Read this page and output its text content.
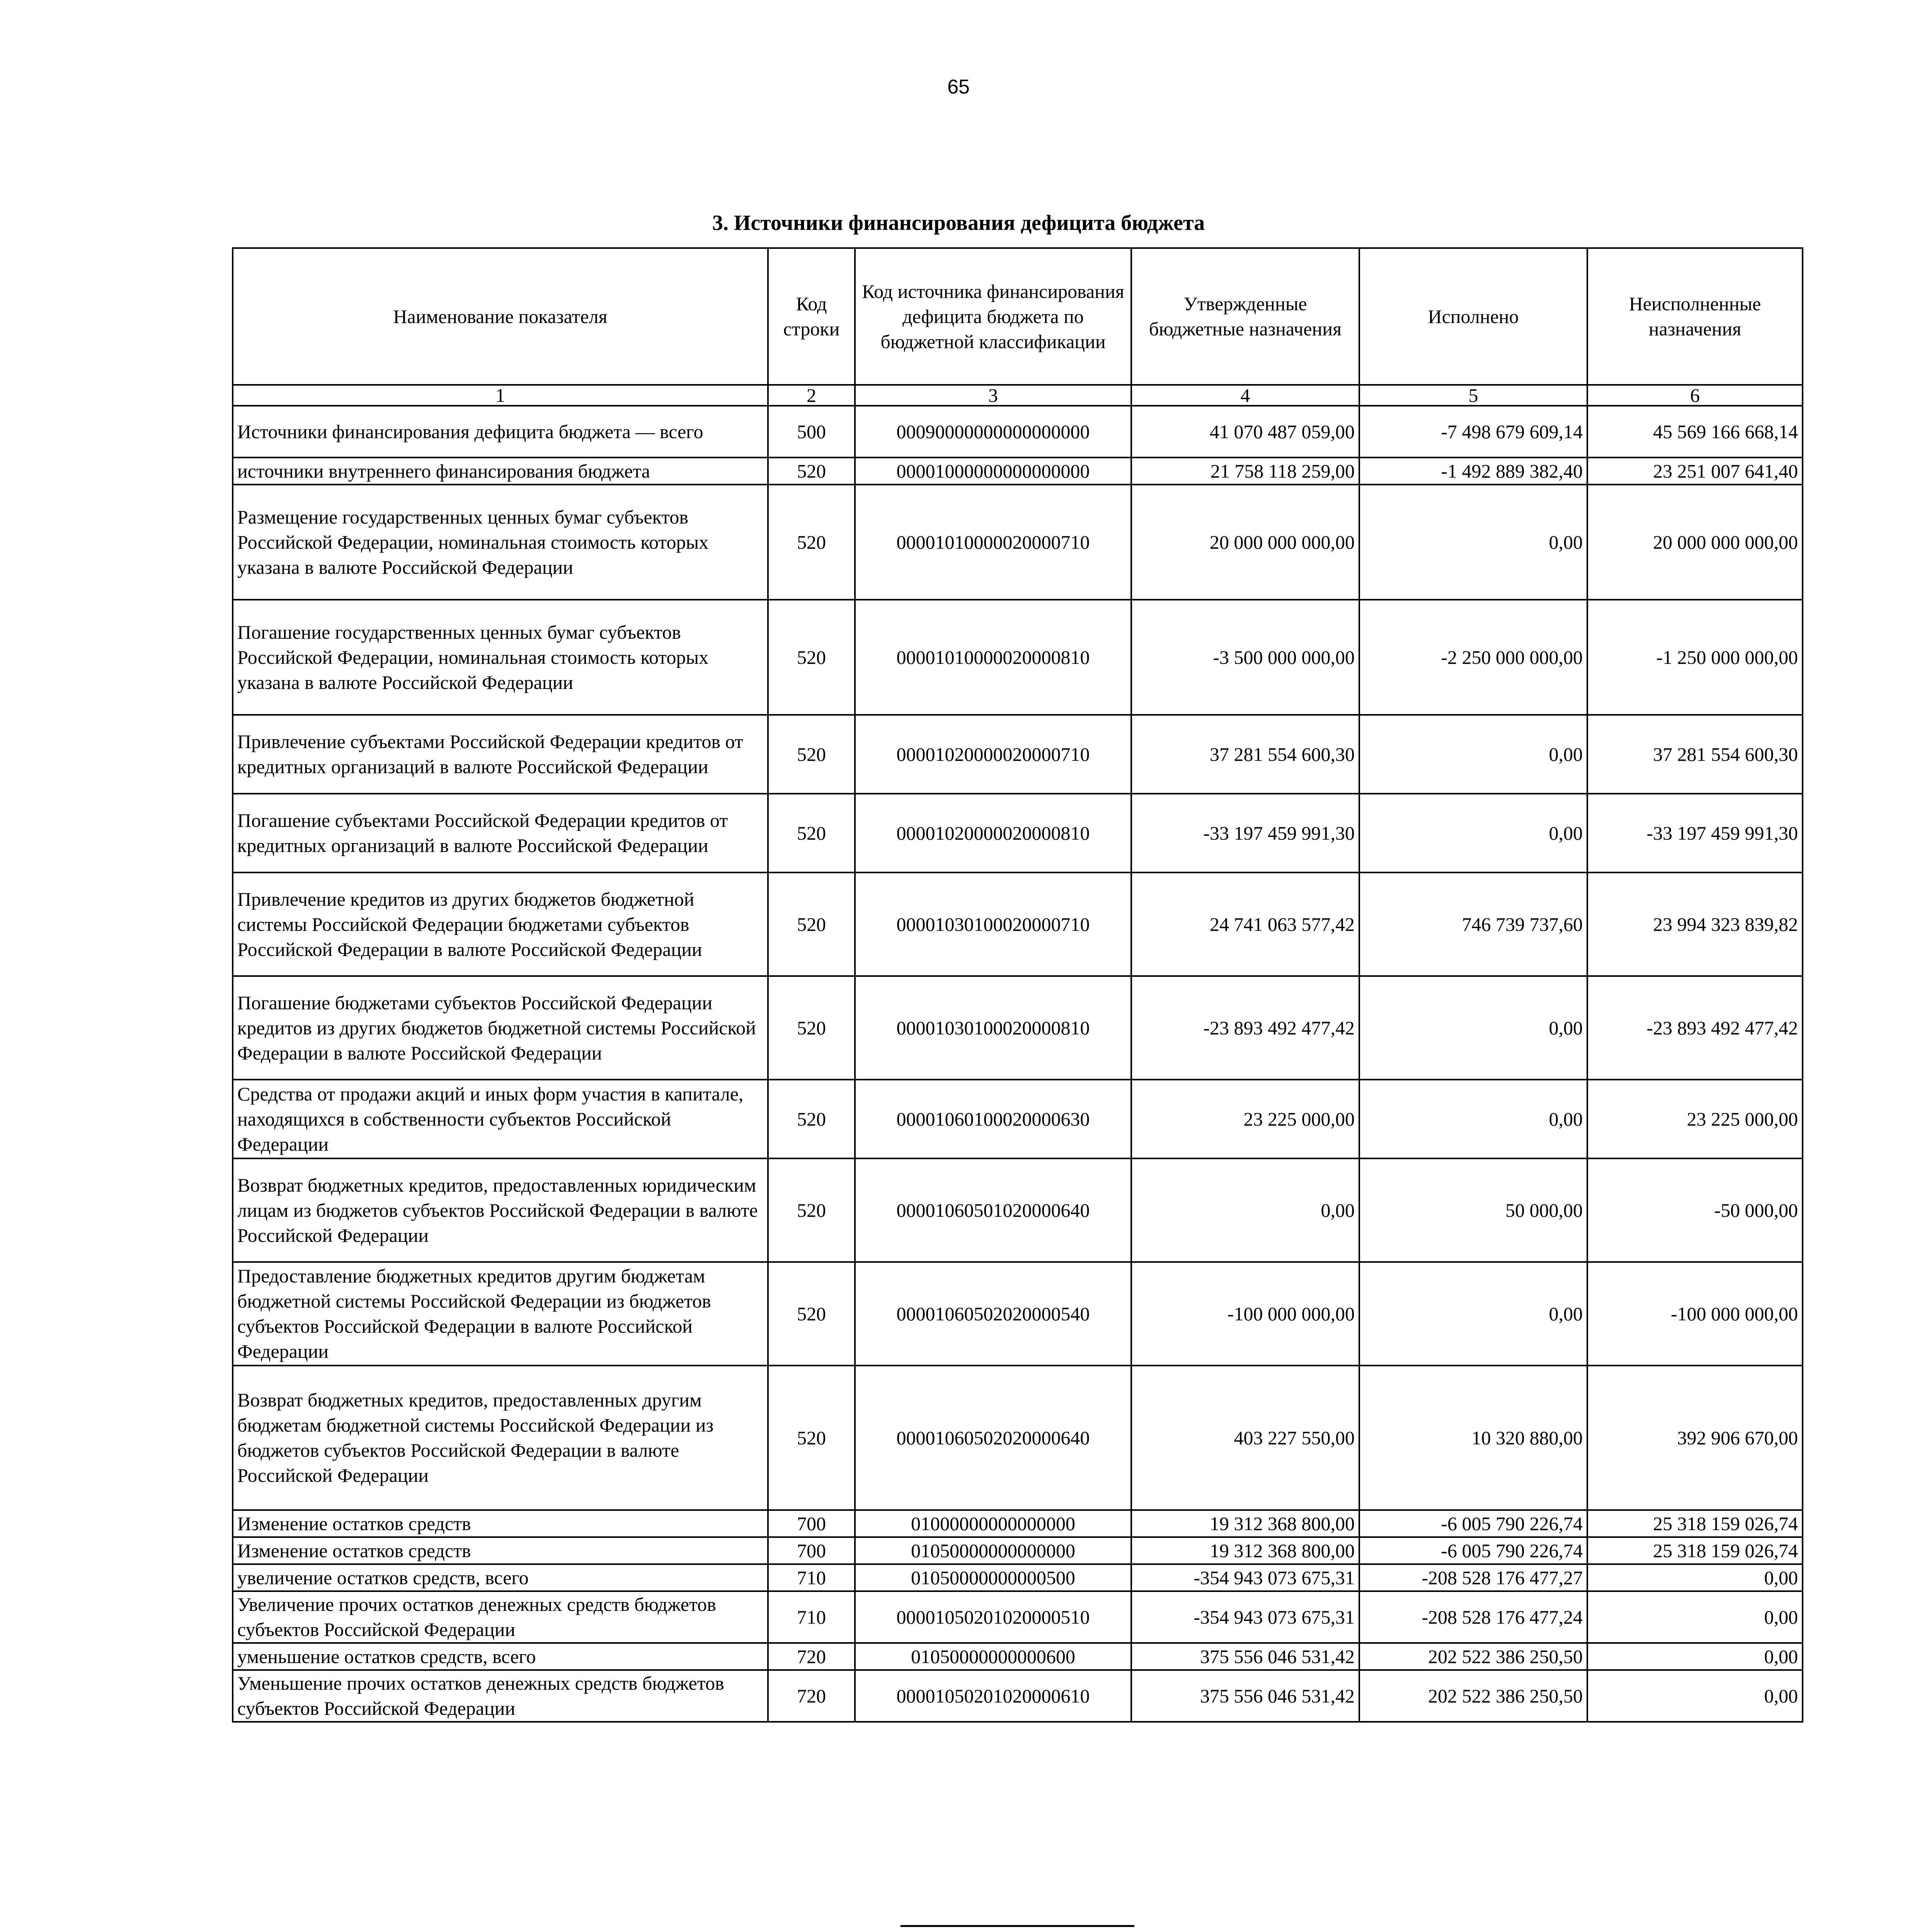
65
3. Источники финансирования дефицита бюджета
Наименование показателя	Код строки	Код источника финансирования дефицита бюджета по бюджетной классификации	Утвержденные бюджетные назначения	Исполнено	Неисполненные назначения
1	2	3	4	5	6
Источники финансирования дефицита бюджета — всего	500	00090000000000000000	41 070 487 059,00	-7 498 679 609,14	45 569 166 668,14
источники внутреннего финансирования бюджета	520	00001000000000000000	21 758 118 259,00	-1 492 889 382,40	23 251 007 641,40
Размещение государственных ценных бумаг субъектов Российской Федерации, номинальная стоимость которых указана в валюте Российской Федерации	520	00001010000020000710	20 000 000 000,00	0,00	20 000 000 000,00
Погашение государственных ценных бумаг субъектов Российской Федерации, номинальная стоимость которых указана в валюте Российской Федерации	520	00001010000020000810	-3 500 000 000,00	-2 250 000 000,00	-1 250 000 000,00
Привлечение субъектами Российской Федерации кредитов от кредитных организаций в валюте Российской Федерации	520	00001020000020000710	37 281 554 600,30	0,00	37 281 554 600,30
Погашение субъектами Российской Федерации кредитов от кредитных организаций в валюте Российской Федерации	520	00001020000020000810	-33 197 459 991,30	0,00	-33 197 459 991,30
Привлечение кредитов из других бюджетов бюджетной системы Российской Федерации бюджетами субъектов Российской Федерации в валюте Российской Федерации	520	00001030100020000710	24 741 063 577,42	746 739 737,60	23 994 323 839,82
Погашение бюджетами субъектов Российской Федерации кредитов из других бюджетов бюджетной системы Российской Федерации в валюте Российской Федерации	520	00001030100020000810	-23 893 492 477,42	0,00	-23 893 492 477,42
Средства от продажи акций и иных форм участия в капитале, находящихся в собственности субъектов Российской Федерации	520	00001060100020000630	23 225 000,00	0,00	23 225 000,00
Возврат бюджетных кредитов, предоставленных юридическим лицам из бюджетов субъектов Российской Федерации в валюте Российской Федерации	520	00001060501020000640	0,00	50 000,00	-50 000,00
Предоставление бюджетных кредитов другим бюджетам бюджетной системы Российской Федерации из бюджетов субъектов Российской Федерации в валюте Российской Федерации	520	00001060502020000540	-100 000 000,00	0,00	-100 000 000,00
Возврат бюджетных кредитов, предоставленных другим бюджетам бюджетной системы Российской Федерации из бюджетов субъектов Российской Федерации в валюте Российской Федерации	520	00001060502020000640	403 227 550,00	10 320 880,00	392 906 670,00
Изменение остатков средств	700	01000000000000000	19 312 368 800,00	-6 005 790 226,74	25 318 159 026,74
Изменение остатков средств	700	01050000000000000	19 312 368 800,00	-6 005 790 226,74	25 318 159 026,74
увеличение остатков средств, всего	710	01050000000000500	-354 943 073 675,31	-208 528 176 477,27	0,00
Увеличение прочих остатков денежных средств бюджетов субъектов Российской Федерации	710	00001050201020000510	-354 943 073 675,31	-208 528 176 477,24	0,00
уменьшение остатков средств, всего	720	01050000000000600	375 556 046 531,42	202 522 386 250,50	0,00
Уменьшение прочих остатков денежных средств бюджетов субъектов Российской Федерации	720	00001050201020000610	375 556 046 531,42	202 522 386 250,50	0,00
